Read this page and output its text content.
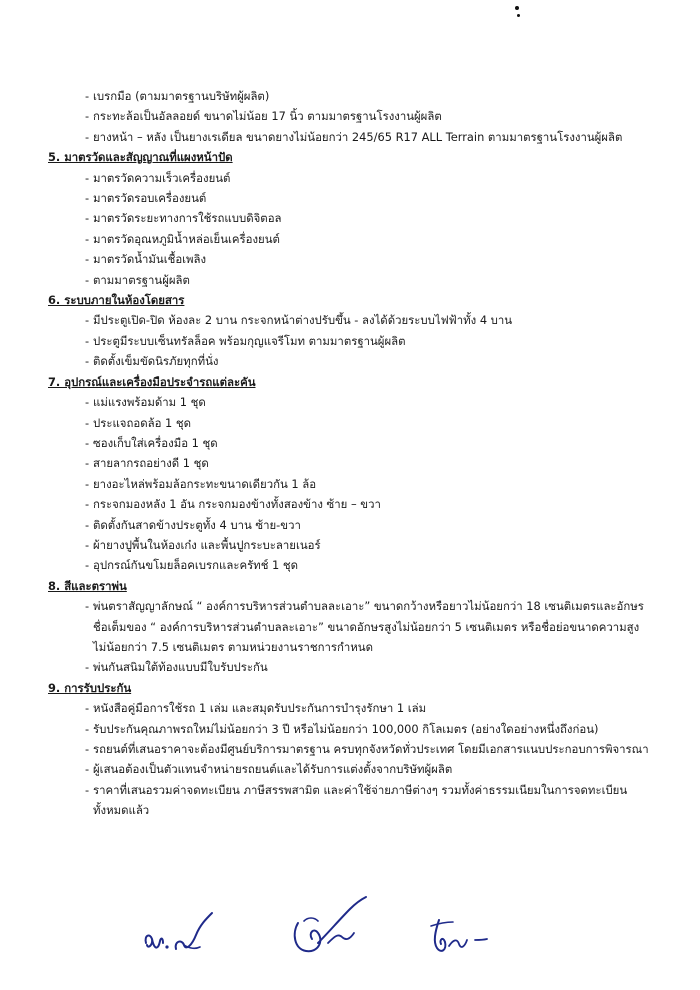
- เบรกมือ (ตามมาตรฐานบริษัทผู้ผลิต)
- กระทะล้อเป็นอัลลอยด์ ขนาดไม่น้อย 17 นิ้ว ตามมาตรฐานโรงงานผู้ผลิต
- ยางหน้า – หลัง เป็นยางเรเดียล ขนาดยางไม่น้อยกว่า 245/65 R17 ALL Terrain ตามมาตรฐานโรงงานผู้ผลิต
5. มาตรวัดและสัญญาณที่แผงหน้าปัด
- มาตรวัดความเร็วเครื่องยนต์
- มาตรวัดรอบเครื่องยนต์
- มาตรวัดระยะทางการใช้รถแบบดิจิตอล
- มาตรวัดอุณหภูมิน้ำหล่อเย็นเครื่องยนต์
- มาตรวัดน้ำมันเชื้อเพลิง
- ตามมาตรฐานผู้ผลิต
6. ระบบภายในห้องโดยสาร
- มีประตูเปิด-ปิด ห้องละ 2 บาน กระจกหน้าต่างปรับขึ้น - ลงได้ด้วยระบบไฟฟ้าทั้ง 4 บาน
- ประตูมีระบบเซ็นทรัลล็อค พร้อมกุญแจรีโมท ตามมาตรฐานผู้ผลิต
- ติดตั้งเข็มขัดนิรภัยทุกที่นั่ง
7. อุปกรณ์และเครื่องมือประจำรถแต่ละคัน
- แม่แรงพร้อมด้าม 1 ชุด
- ประแจถอดล้อ 1 ชุด
- ซองเก็บใส่เครื่องมือ 1 ชุด
- สายลากรถอย่างดี 1 ชุด
- ยางอะไหล่พร้อมล้อกระทะขนาดเดียวกัน 1 ล้อ
- กระจกมองหลัง 1 อัน กระจกมองข้างทั้งสองข้าง ซ้าย – ขวา
- ติดตั้งกันสาดข้างประตูทั้ง 4 บาน ซ้าย-ขวา
- ผ้ายางปูพื้นในห้องเก๋ง และพื้นปูกระบะลายเนอร์
- อุปกรณ์กันขโมยล็อคเบรกและครัทช์ 1 ชุด
8. สีและตราพ่น
- พ่นตราสัญญาลักษณ์ “ องค์การบริหารส่วนตำบลละเอาะ” ขนาดกว้างหรือยาวไม่น้อยกว่า 18 เซนติเมตรและอักษรชื่อเต็มของ “ องค์การบริหารส่วนตำบลละเอาะ” ขนาดอักษรสูงไม่น้อยกว่า 5 เซนติเมตร หรือชื่อย่อขนาดความสูงไม่น้อยกว่า 7.5 เซนติเมตร ตามหน่วยงานราชการกำหนด
- พ่นกันสนิมใต้ท้องแบบมีใบรับประกัน
9. การรับประกัน
- หนังสือคู่มือการใช้รถ 1 เล่ม และสมุดรับประกันการบำรุงรักษา 1 เล่ม
- รับประกันคุณภาพรถใหม่ไม่น้อยกว่า 3 ปี หรือไม่น้อยกว่า 100,000 กิโลเมตร (อย่างใดอย่างหนึ่งถึงก่อน)
- รถยนต์ที่เสนอราคาจะต้องมีศูนย์บริการมาตรฐาน ครบทุกจังหวัดทั่วประเทศ โดยมีเอกสารแนบประกอบการพิจารณา
- ผู้เสนอต้องเป็นตัวแทนจำหน่ายรถยนต์และได้รับการแต่งตั้งจากบริษัทผู้ผลิต
- ราคาที่เสนอรวมค่าจดทะเบียน ภาษีสรรพสามิต และค่าใช้จ่ายภาษีต่างๆ รวมทั้งค่าธรรมเนียมในการจดทะเบียนทั้งหมดแล้ว
